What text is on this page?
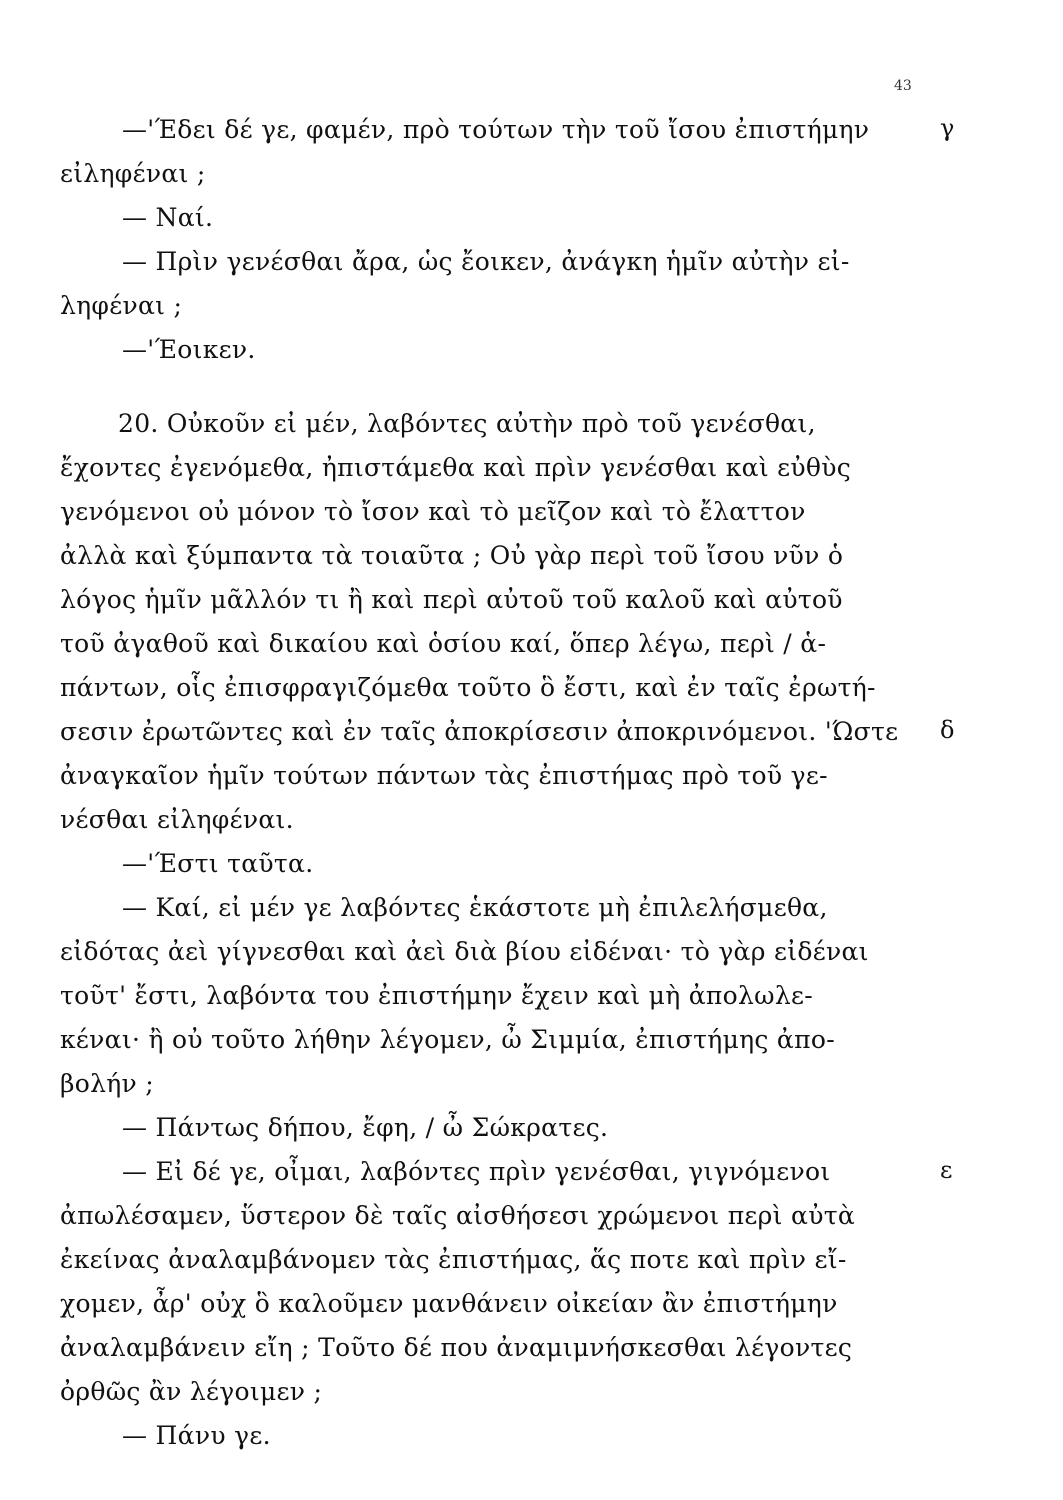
43
—'Έδει δέ γε, φαμέν, πρὸ τούτων τὴν τοῦ ἴσου ἐπιστήμην
εἰληφέναι ;
— Ναί.
— Πρὶν γενέσθαι ἄρα, ὡς ἔοικεν, ἀνάγκη ἡμῖν αὐτὴν εἰ-
ληφέναι ;
—'Έοικεν.
20. Οὐκοῦν εἰ μέν, λαβόντες αὐτὴν πρὸ τοῦ γενέσθαι,
ἔχοντες ἐγενόμεθα, ἠπιστάμεθα καὶ πρὶν γενέσθαι καὶ εὐθὺς
γενόμενοι οὐ μόνον τὸ ἴσον καὶ τὸ μεῖζον καὶ τὸ ἔλαττον
ἀλλὰ καὶ ξύμπαντα τὰ τοιαῦτα ; Οὐ γὰρ περὶ τοῦ ἴσου νῦν ὁ
λόγος ἡμῖν μᾶλλόν τι ἢ καὶ περὶ αὐτοῦ τοῦ καλοῦ καὶ αὐτοῦ
τοῦ ἀγαθοῦ καὶ δικαίου καὶ ὁσίου καί, ὅπερ λέγω, περὶ / ἁ-
πάντων, οἷς ἐπισφραγιζόμεθα τοῦτο ὃ ἔστι, καὶ ἐν ταῖς ἐρωτή-
σεσιν ἐρωτῶντες καὶ ἐν ταῖς ἀποκρίσεσιν ἀποκρινόμενοι. 'Ώστε
ἀναγκαῖον ἡμῖν τούτων πάντων τὰς ἐπιστήμας πρὸ τοῦ γε-
νέσθαι εἰληφέναι.
—'Έστι ταῦτα.
— Καί, εἰ μέν γε λαβόντες ἑκάστοτε μὴ ἐπιλελήσμεθα,
εἰδότας ἀεὶ γίγνεσθαι καὶ ἀεὶ διὰ βίου εἰδέναι· τὸ γὰρ εἰδέναι
τοῦτ' ἔστι, λαβόντα του ἐπιστήμην ἔχειν καὶ μὴ ἀπολωλε-
κέναι· ἢ οὐ τοῦτο λήθην λέγομεν, ὦ Σιμμία, ἐπιστήμης ἀπο-
βολήν ;
— Πάντως δήπου, ἔφη, / ὦ Σώκρατες.
— Εἰ δέ γε, οἶμαι, λαβόντες πρὶν γενέσθαι, γιγνόμενοι
ἀπωλέσαμεν, ὕστερον δὲ ταῖς αἰσθήσεσι χρώμενοι περὶ αὐτὰ
ἐκείνας ἀναλαμβάνομεν τὰς ἐπιστήμας, ἅς ποτε καὶ πρὶν εἴ-
χομεν, ἆρ' οὐχ ὃ καλοῦμεν μανθάνειν οἰκείαν ἂν ἐπιστήμην
ἀναλαμβάνειν εἴη ; Τοῦτο δέ που ἀναμιμνήσκεσθαι λέγοντες
ὀρθῶς ἂν λέγοιμεν ;
— Πάνυ γε.
γ
δ
ε
